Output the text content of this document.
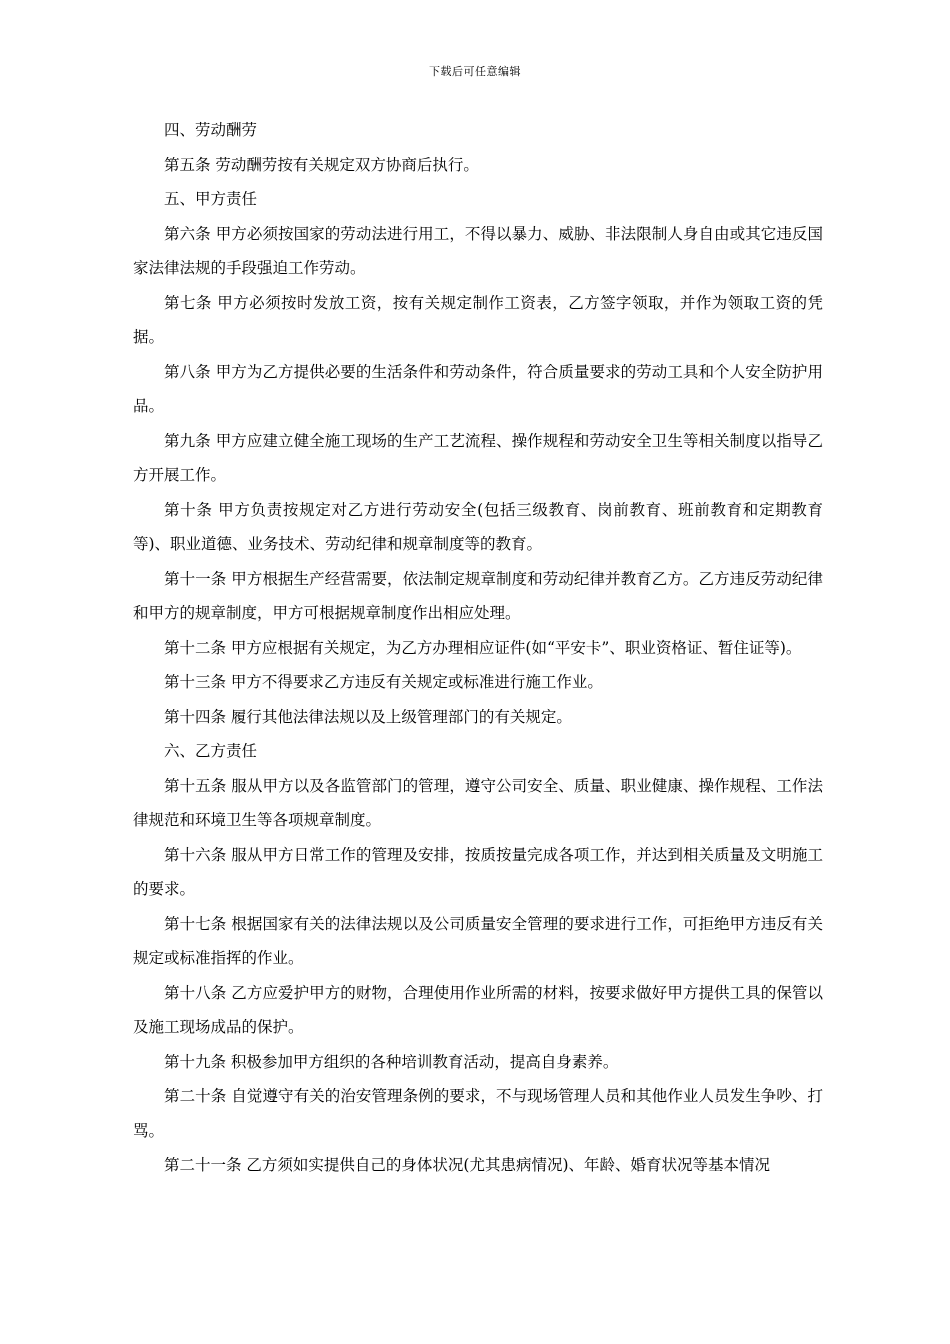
下载后可任意编辑

四、劳动酬劳

第五条 劳动酬劳按有关规定双方协商后执行。

五、甲方责任

第六条 甲方必须按国家的劳动法进行用工，不得以暴力、威胁、非法限制人身自由或其它违反国家法律法规的手段强迫工作劳动。

第七条 甲方必须按时发放工资，按有关规定制作工资表，乙方签字领取，并作为领取工资的凭据。

第八条 甲方为乙方提供必要的生活条件和劳动条件，符合质量要求的劳动工具和个人安全防护用品。

第九条 甲方应建立健全施工现场的生产工艺流程、操作规程和劳动安全卫生等相关制度以指导乙方开展工作。

第十条 甲方负责按规定对乙方进行劳动安全(包括三级教育、岗前教育、班前教育和定期教育等)、职业道德、业务技术、劳动纪律和规章制度等的教育。

第十一条 甲方根据生产经营需要，依法制定规章制度和劳动纪律并教育乙方。乙方违反劳动纪律和甲方的规章制度，甲方可根据规章制度作出相应处理。

第十二条 甲方应根据有关规定，为乙方办理相应证件(如“平安卡”、职业资格证、暂住证等)。

第十三条 甲方不得要求乙方违反有关规定或标准进行施工作业。

第十四条 履行其他法律法规以及上级管理部门的有关规定。

六、乙方责任

第十五条 服从甲方以及各监管部门的管理，遵守公司安全、质量、职业健康、操作规程、工作法律规范和环境卫生等各项规章制度。

第十六条 服从甲方日常工作的管理及安排，按质按量完成各项工作，并达到相关质量及文明施工的要求。

第十七条 根据国家有关的法律法规以及公司质量安全管理的要求进行工作，可拒绝甲方违反有关规定或标准指挥的作业。

第十八条 乙方应爱护甲方的财物，合理使用作业所需的材料，按要求做好甲方提供工具的保管以及施工现场成品的保护。

第十九条 积极参加甲方组织的各种培训教育活动，提高自身素养。

第二十条 自觉遵守有关的治安管理条例的要求，不与现场管理人员和其他作业人员发生争吵、打骂。

第二十一条 乙方须如实提供自己的身体状况(尤其患病情况)、年龄、婚育状况等基本情况
